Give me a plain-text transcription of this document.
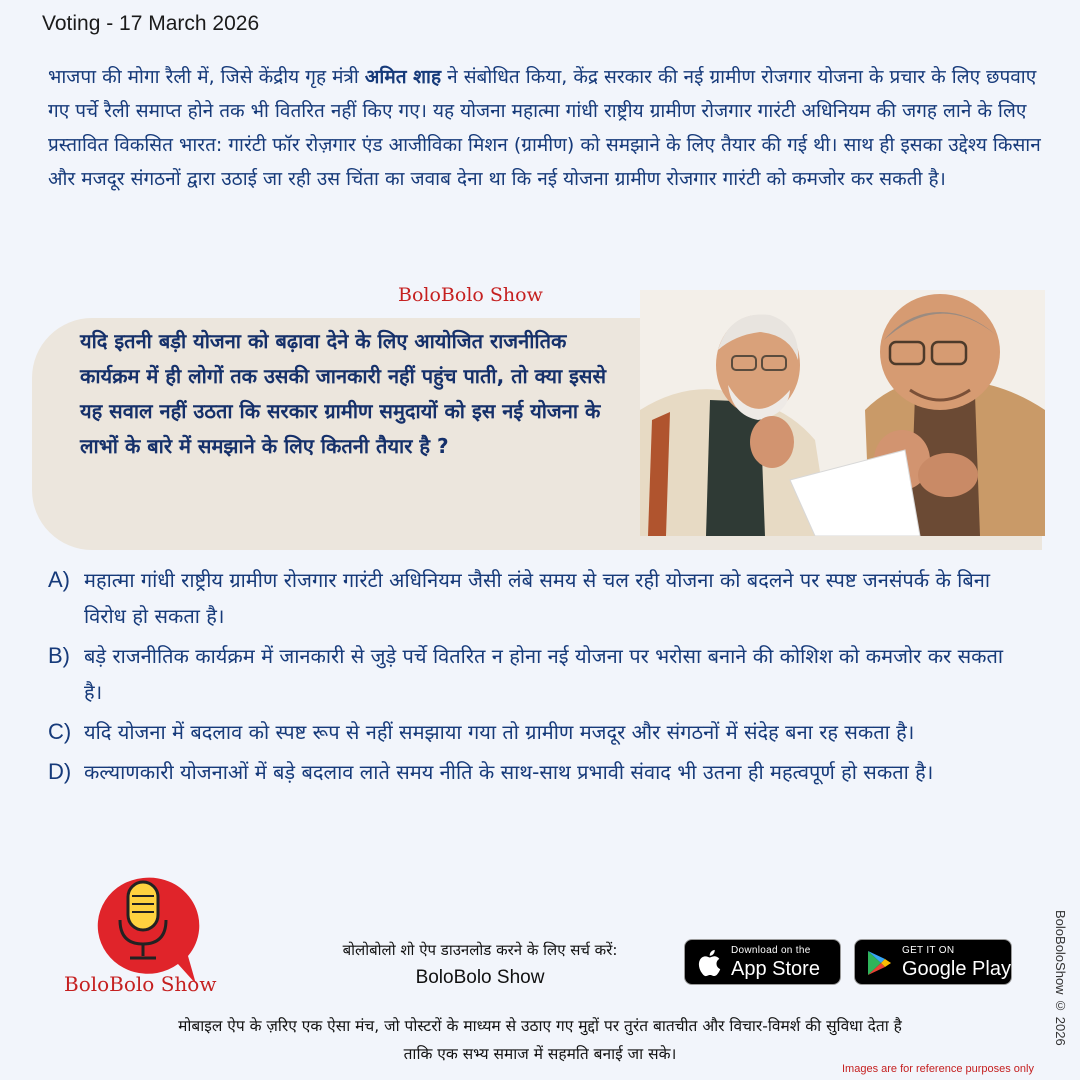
Voting - 17 March 2026
भाजपा की मोगा रैली में, जिसे केंद्रीय गृह मंत्री अमित शाह ने संबोधित किया, केंद्र सरकार की नई ग्रामीण रोजगार योजना के प्रचार के लिए छपवाए गए पर्चे रैली समाप्त होने तक भी वितरित नहीं किए गए। यह योजना महात्मा गांधी राष्ट्रीय ग्रामीण रोजगार गारंटी अधिनियम की जगह लाने के लिए प्रस्तावित विकसित भारत: गारंटी फॉर रोज़गार एंड आजीविका मिशन (ग्रामीण) को समझाने के लिए तैयार की गई थी। साथ ही इसका उद्देश्य किसान और मजदूर संगठनों द्वारा उठाई जा रही उस चिंता का जवाब देना था कि नई योजना ग्रामीण रोजगार गारंटी को कमजोर कर सकती है।
BoloBolo Show
यदि इतनी बड़ी योजना को बढ़ावा देने के लिए आयोजित राजनीतिक कार्यक्रम में ही लोगों तक उसकी जानकारी नहीं पहुंच पाती, तो क्या इससे यह सवाल नहीं उठता कि सरकार ग्रामीण समुदायों को इस नई योजना के लाभों के बारे में समझाने के लिए कितनी तैयार है ?
A) महात्मा गांधी राष्ट्रीय ग्रामीण रोजगार गारंटी अधिनियम जैसी लंबे समय से चल रही योजना को बदलने पर स्पष्ट जनसंपर्क के बिना विरोध हो सकता है।
B) बड़े राजनीतिक कार्यक्रम में जानकारी से जुड़े पर्चे वितरित न होना नई योजना पर भरोसा बनाने की कोशिश को कमजोर कर सकता है।
C) यदि योजना में बदलाव को स्पष्ट रूप से नहीं समझाया गया तो ग्रामीण मजदूर और संगठनों में संदेह बना रह सकता है।
D) कल्याणकारी योजनाओं में बड़े बदलाव लाते समय नीति के साथ-साथ प्रभावी संवाद भी उतना ही महत्वपूर्ण हो सकता है।
BoloBolo Show
बोलोबोलो शो ऐप डाउनलोड करने के लिए सर्च करें:
BoloBolo Show
Download on the
App Store
GET IT ON
Google Play	BoloBoloShow © 2026
मोबाइल ऐप के ज़रिए एक ऐसा मंच, जो पोस्टरों के माध्यम से उठाए गए मुद्दों पर तुरंत बातचीत और विचार-विमर्श की सुविधा देता है
ताकि एक सभ्य समाज में सहमति बनाई जा सके।
Images are for reference purposes only
